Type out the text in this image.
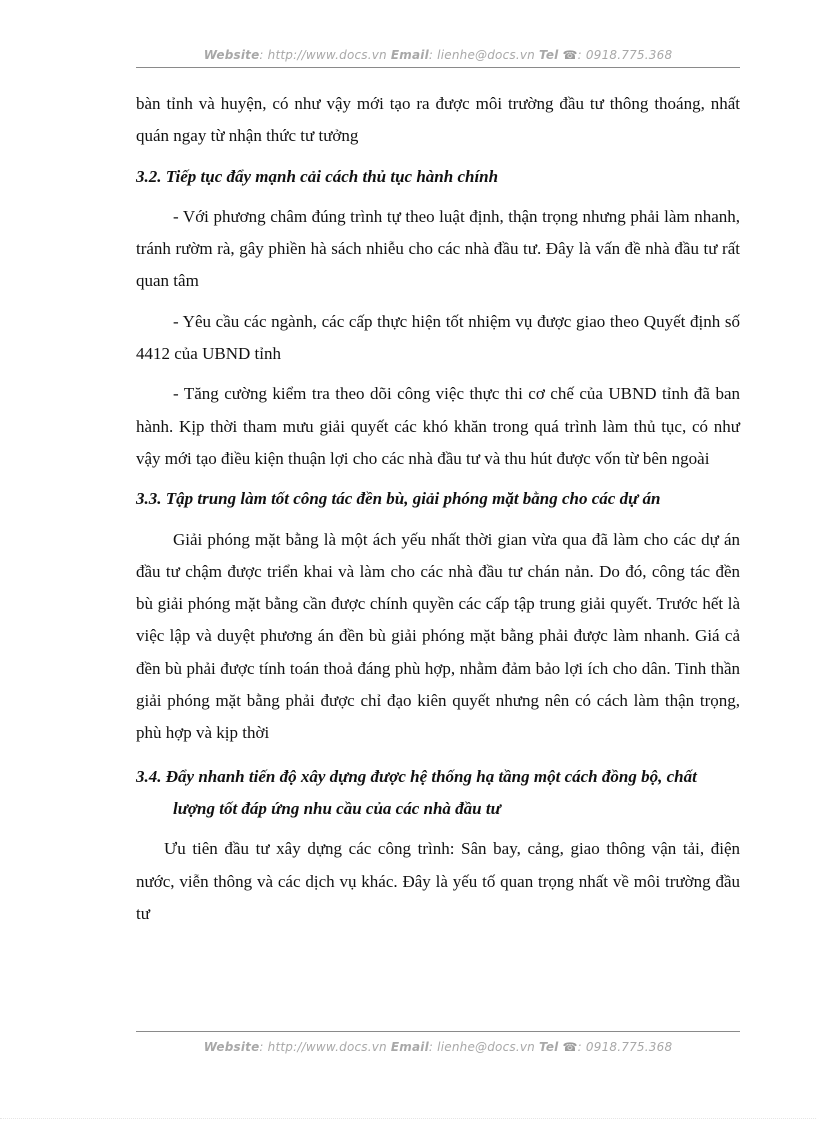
Website: http://www.docs.vn Email: lienhe@docs.vn Tel ☎: 0918.775.368

bàn tỉnh và huyện, có như vậy mới tạo ra được môi trường đầu tư thông thoáng, nhất quán ngay từ nhận thức tư tưởng

3.2. Tiếp tục đẩy mạnh cải cách thủ tục hành chính

- Với phương châm đúng trình tự theo luật định, thận trọng nhưng phải làm nhanh, tránh rườm rà, gây phiền hà sách nhiễu cho các nhà đầu tư. Đây là vấn đề nhà đầu tư rất quan tâm

- Yêu cầu các ngành, các cấp thực hiện tốt nhiệm vụ được giao theo Quyết định số 4412 của UBND tỉnh

- Tăng cường kiểm tra theo dõi công việc thực thi cơ chế của UBND tỉnh đã ban hành. Kịp thời tham mưu giải quyết các khó khăn trong quá trình làm thủ tục, có như vậy mới tạo điều kiện thuận lợi cho các nhà đầu tư và thu hút được vốn từ bên ngoài

3.3. Tập trung làm tốt công tác đền bù, giải phóng mặt bằng cho các dự án

Giải phóng mặt bằng là một ách yếu nhất thời gian vừa qua đã làm cho các dự án đầu tư chậm được triển khai và làm cho các nhà đầu tư chán nản. Do đó, công tác đền bù giải phóng mặt bằng cần được chính quyền các cấp tập trung giải quyết. Trước hết là việc lập và duyệt phương án đền bù giải phóng mặt bằng phải được làm nhanh. Giá cả đền bù phải được tính toán thoả đáng phù hợp, nhằm đảm bảo lợi ích cho dân. Tinh thần giải phóng mặt bằng phải được chỉ đạo kiên quyết nhưng nên có cách làm thận trọng, phù hợp và kịp thời

3.4. Đẩy nhanh tiến độ xây dựng được hệ thống hạ tầng một cách đồng bộ, chất lượng tốt đáp ứng nhu cầu của các nhà đầu tư

Ưu tiên đầu tư xây dựng các công trình: Sân bay, cảng, giao thông vận tải, điện nước, viễn thông và các dịch vụ khác. Đây là yếu tố quan trọng nhất về môi trường đầu tư

Website: http://www.docs.vn Email: lienhe@docs.vn Tel ☎: 0918.775.368
